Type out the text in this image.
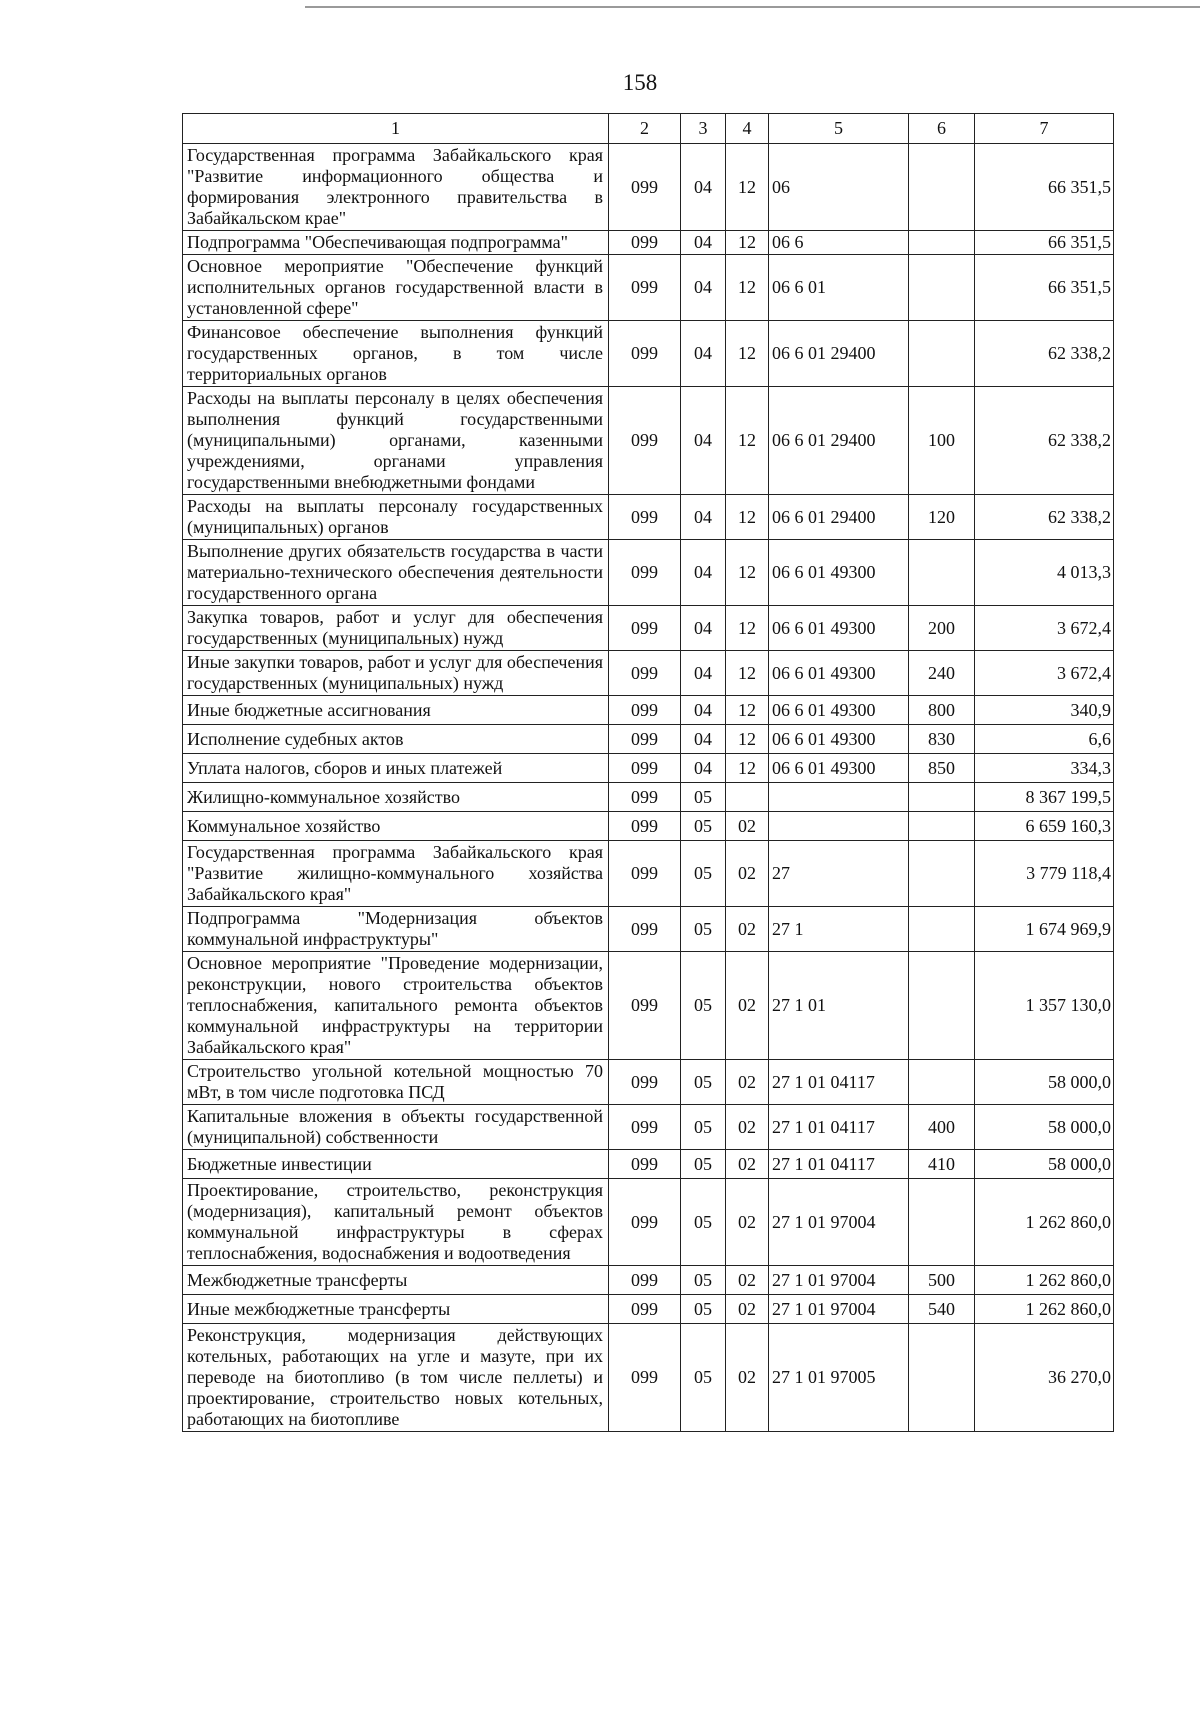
158
1	2	3	4	5	6	7
Государственная программа Забайкальского края "Развитие информационного общества и формирования электронного правительства в Забайкальском крае"	099	04	12	06		66 351,5
Подпрограмма "Обеспечивающая подпрограмма"	099	04	12	06 6		66 351,5
Основное мероприятие "Обеспечение функций исполнительных органов государственной власти в установленной сфере"	099	04	12	06 6 01		66 351,5
Финансовое обеспечение выполнения функций государственных органов, в том числе территориальных органов	099	04	12	06 6 01 29400		62 338,2
Расходы на выплаты персоналу в целях обеспечения выполнения функций государственными (муниципальными) органами, казенными учреждениями, органами управления государственными внебюджетными фондами	099	04	12	06 6 01 29400	100	62 338,2
Расходы на выплаты персоналу государственных (муниципальных) органов	099	04	12	06 6 01 29400	120	62 338,2
Выполнение других обязательств государства в части материально-технического обеспечения деятельности государственного органа	099	04	12	06 6 01 49300		4 013,3
Закупка товаров, работ и услуг для обеспечения государственных (муниципальных) нужд	099	04	12	06 6 01 49300	200	3 672,4
Иные закупки товаров, работ и услуг для обеспечения государственных (муниципальных) нужд	099	04	12	06 6 01 49300	240	3 672,4
Иные бюджетные ассигнования	099	04	12	06 6 01 49300	800	340,9
Исполнение судебных актов	099	04	12	06 6 01 49300	830	6,6
Уплата налогов, сборов и иных платежей	099	04	12	06 6 01 49300	850	334,3
Жилищно-коммунальное хозяйство	099	05				8 367 199,5
Коммунальное хозяйство	099	05	02			6 659 160,3
Государственная программа Забайкальского края "Развитие жилищно-коммунального хозяйства Забайкальского края"	099	05	02	27		3 779 118,4
Подпрограмма "Модернизация объектов коммунальной инфраструктуры"	099	05	02	27 1		1 674 969,9
Основное мероприятие "Проведение модернизации, реконструкции, нового строительства объектов теплоснабжения, капитального ремонта объектов коммунальной инфраструктуры на территории Забайкальского края"	099	05	02	27 1 01		1 357 130,0
Строительство угольной котельной мощностью 70 мВт, в том числе подготовка ПСД	099	05	02	27 1 01 04117		58 000,0
Капитальные вложения в объекты государственной (муниципальной) собственности	099	05	02	27 1 01 04117	400	58 000,0
Бюджетные инвестиции	099	05	02	27 1 01 04117	410	58 000,0
Проектирование, строительство, реконструкция (модернизация), капитальный ремонт объектов коммунальной инфраструктуры в сферах теплоснабжения, водоснабжения и водоотведения	099	05	02	27 1 01 97004		1 262 860,0
Межбюджетные трансферты	099	05	02	27 1 01 97004	500	1 262 860,0
Иные межбюджетные трансферты	099	05	02	27 1 01 97004	540	1 262 860,0
Реконструкция, модернизация действующих котельных, работающих на угле и мазуте, при их переводе на биотопливо (в том числе пеллеты) и проектирование, строительство новых котельных, работающих на биотопливе	099	05	02	27 1 01 97005		36 270,0
